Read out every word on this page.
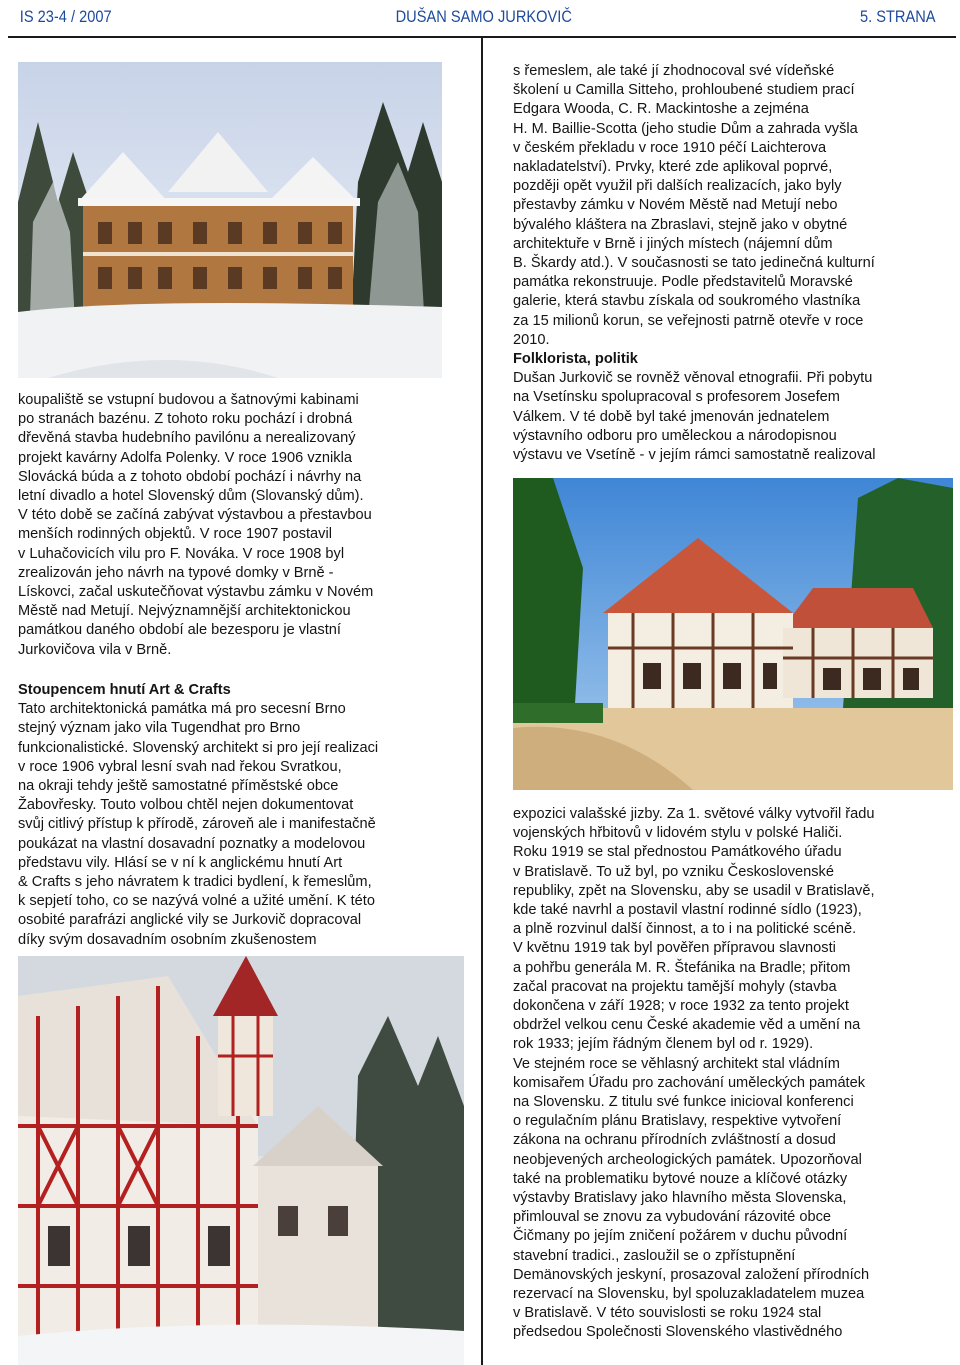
IS 23-4 / 2007	DUŠAN SAMO JURKOVIČ	5. STRANA

koupaliště se vstupní budovou a šatnovými kabinami

po stranách bazénu. Z tohoto roku pochází i drobná

dřevěná stavba hudebního pavilónu a nerealizovaný

projekt kavárny Adolfa Polenky. V roce 1906 vznikla

Slovácká búda a z tohoto období pochází i návrhy na

letní divadlo a hotel Slovenský dům (Slovanský dům).

V této době se začíná zabývat výstavbou a přestavbou

menších rodinných objektů. V roce 1907 postavil

v Luhačovicích vilu pro F. Nováka. V roce 1908 byl

zrealizován jeho návrh na typové domky v Brně -

Lískovci, začal uskutečňovat výstavbu zámku v Novém

Městě nad Metují. Nejvýznamnější architektonickou

památkou daného období ale bezesporu je vlastní

Jurkovičova vila v Brně.

Stoupencem hnutí Art & Crafts

Tato architektonická památka má pro secesní Brno

stejný význam jako vila Tugendhat pro Brno

funkcionalistické. Slovenský architekt si pro její realizaci

v roce 1906 vybral lesní svah nad řekou Svratkou,

na okraji tehdy ještě samostatné příměstské obce

Žabovřesky. Touto volbou chtěl nejen dokumentovat

svůj citlivý přístup k přírodě, zároveň ale i manifestačně

poukázat na vlastní dosavadní poznatky a modelovou

představu vily. Hlásí se v ní k anglickému hnutí Art

& Crafts s jeho návratem k tradici bydlení, k řemeslům,

k sepjetí toho, co se nazývá volné a užité umění. K této

osobité parafrázi anglické vily se Jurkovič dopracoval

díky svým dosavadním osobním zkušenostem

s řemeslem, ale také jí zhodnocoval své vídeňské

školení u Camilla Sitteho, prohloubené studiem prací

Edgara Wooda, C. R. Mackintoshe a zejména

H. M. Baillie-Scotta (jeho studie Dům a zahrada vyšla

v českém překladu v roce 1910 péčí Laichterova

nakladatelství). Prvky, které zde aplikoval poprvé,

později opět využil při dalších realizacích, jako byly

přestavby zámku v Novém Městě nad Metují nebo

bývalého kláštera na Zbraslavi, stejně jako v obytné

architektuře v Brně i jiných místech (nájemní dům

B. Škardy atd.). V současnosti se tato jedinečná kulturní

památka rekonstruuje. Podle představitelů Moravské

galerie, která stavbu získala od soukromého vlastníka

za 15 milionů korun, se veřejnosti patrně otevře v roce

2010.

Folklorista, politik

Dušan Jurkovič se rovněž věnoval etnografii. Při pobytu

na Vsetínsku spolupracoval s profesorem Josefem

Válkem. V té době byl také jmenován jednatelem

výstavního odboru pro uměleckou a národopisnou

výstavu ve Vsetíně - v jejím rámci samostatně realizoval

expozici valašské jizby. Za 1. světové války vytvořil řadu

vojenských hřbitovů v lidovém stylu v polské Haliči.

Roku 1919 se stal přednostou Památkového úřadu

v Bratislavě. To už byl, po vzniku Československé

republiky, zpět na Slovensku, aby se usadil v Bratislavě,

kde také navrhl a postavil vlastní rodinné sídlo (1923),

a plně rozvinul další činnost, a to i na politické scéně.

V květnu 1919 tak byl pověřen přípravou slavnosti

a pohřbu generála M. R. Štefánika na Bradle; přitom

začal pracovat na projektu tamější mohyly (stavba

dokončena v září 1928; v roce 1932 za tento projekt

obdržel velkou cenu České akademie věd a umění na

rok 1933; jejím řádným členem byl od r. 1929).

Ve stejném roce se věhlasný architekt stal vládním

komisařem Úřadu pro zachování uměleckých památek

na Slovensku. Z titulu své funkce inicioval konferenci

o regulačním plánu Bratislavy, respektive vytvoření

zákona na ochranu přírodních zvláštností a dosud

neobjevených archeologických památek. Upozorňoval

také na problematiku bytové nouze a klíčové otázky

výstavby Bratislavy jako hlavního města Slovenska,

přimlouval se znovu za vybudování rázovité obce

Čičmany po jejím zničení požárem v duchu původní

stavební tradici., zasloužil se o zpřístupnění

Demänovských jeskyní, prosazoval založení přírodních

rezervací na Slovensku, byl spoluzakladatelem muzea

v Bratislavě. V této souvislosti se roku 1924 stal

předsedou Společnosti Slovenského vlastivědného
